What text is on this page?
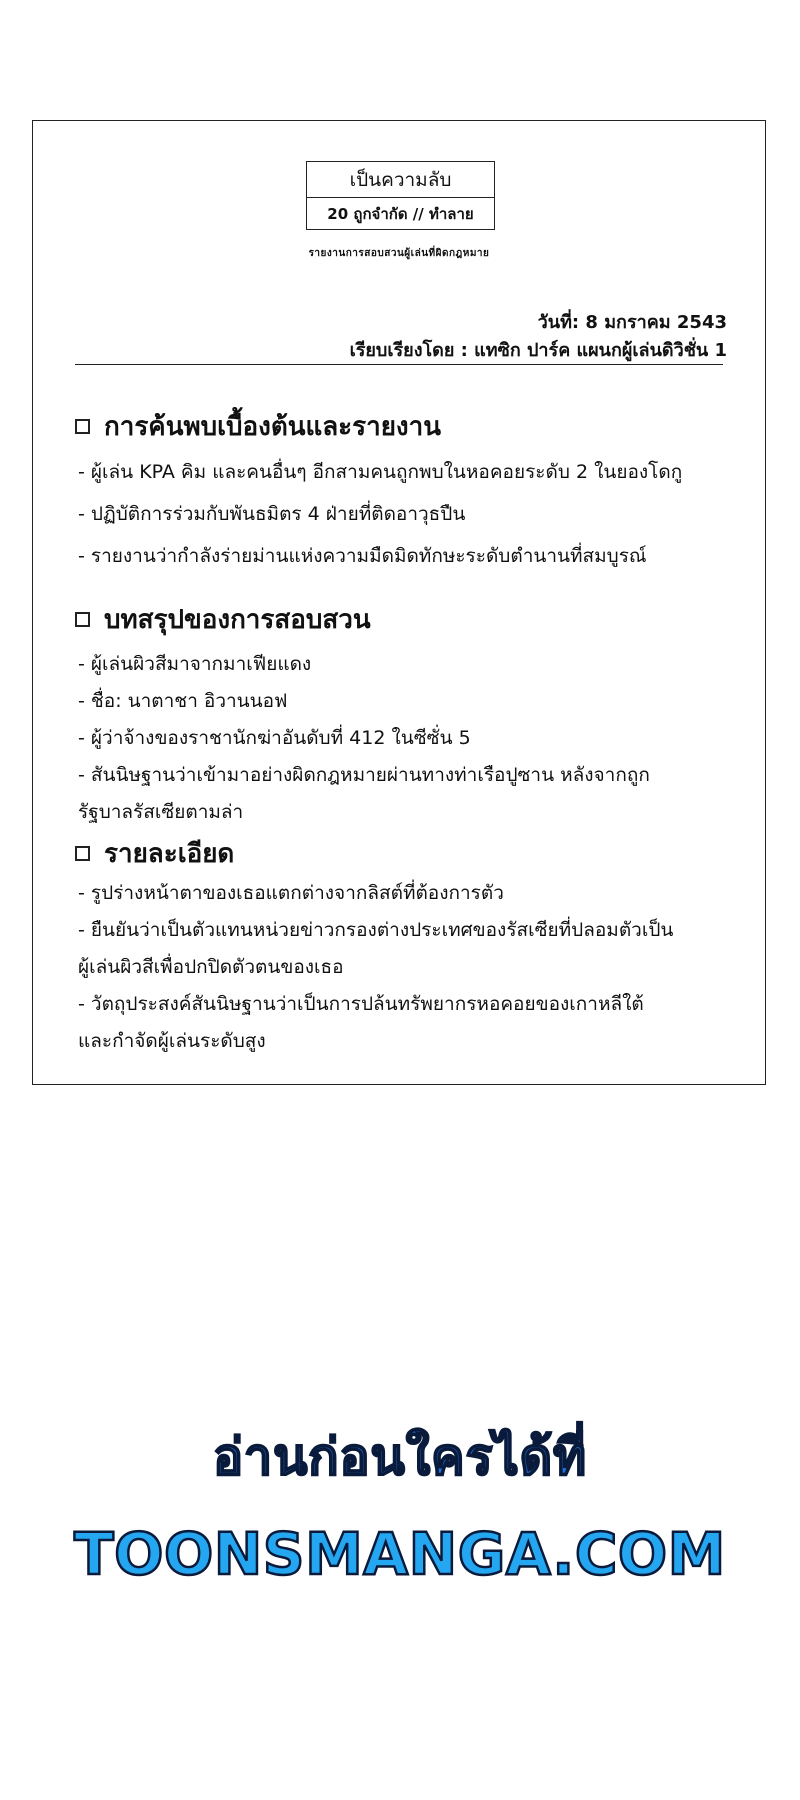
เป็นความลับ
20 ถูกจำกัด // ทำลาย
รายงานการสอบสวนผู้เล่นที่ผิดกฎหมาย
วันที่: 8 มกราคม 2543
เรียบเรียงโดย : แทซิก ปาร์ค แผนกผู้เล่นดิวิชั่น 1
การค้นพบเบื้องต้นและรายงาน
- ผู้เล่น KPA คิม และคนอื่นๆ อีกสามคนถูกพบในหอคอยระดับ 2 ในยองโดกู
- ปฏิบัติการร่วมกับพันธมิตร 4 ฝ่ายที่ติดอาวุธปืน
- รายงานว่ากำลังร่ายม่านแห่งความมืดมิดทักษะระดับตำนานที่สมบูรณ์
บทสรุปของการสอบสวน
- ผู้เล่นผิวสีมาจากมาเฟียแดง
- ชื่อ: นาตาชา อิวานนอฟ
- ผู้ว่าจ้างของราชานักฆ่าอันดับที่ 412 ในซีซั่น 5
- สันนิษฐานว่าเข้ามาอย่างผิดกฎหมายผ่านทางท่าเรือปูซาน หลังจากถูก
รัฐบาลรัสเซียตามล่า
รายละเอียด
- รูปร่างหน้าตาของเธอแตกต่างจากลิสต์ที่ต้องการตัว
- ยืนยันว่าเป็นตัวแทนหน่วยข่าวกรองต่างประเทศของรัสเซียที่ปลอมตัวเป็น
ผู้เล่นผิวสีเพื่อปกปิดตัวตนของเธอ
- วัตถุประสงค์สันนิษฐานว่าเป็นการปล้นทรัพยากรหอคอยของเกาหลีใต้
และกำจัดผู้เล่นระดับสูง
อ่านก่อนใครได้ที่
TOONSMANGA.COM
